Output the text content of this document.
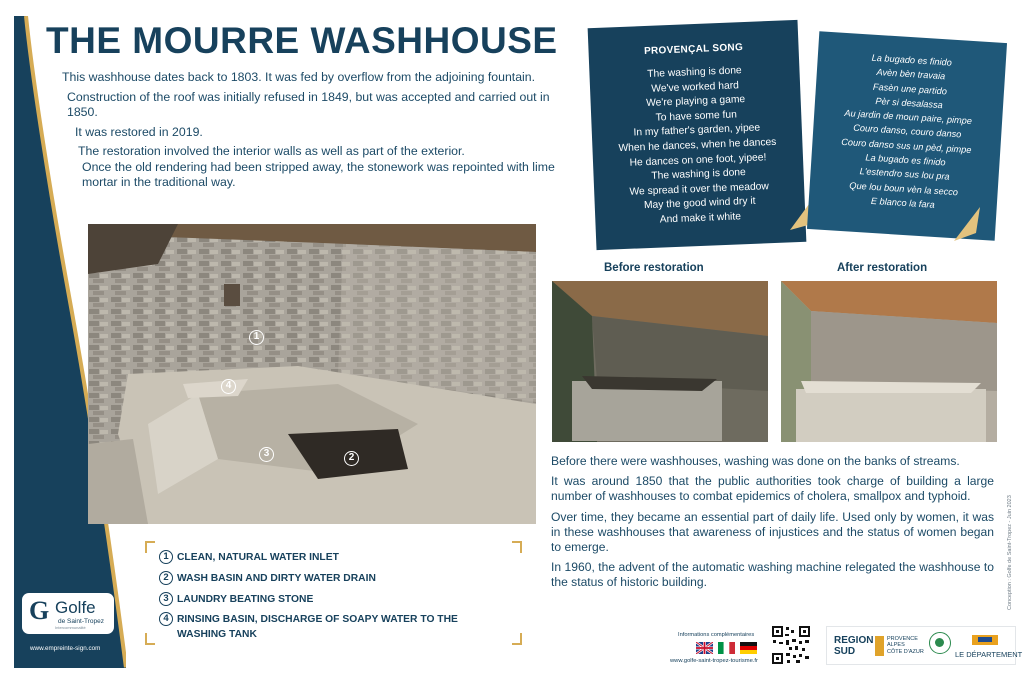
THE MOURRE WASHHOUSE

This washhouse dates back to 1803. It was fed by overflow from the adjoining fountain.

Construction of the roof was initially refused in 1849, but was accepted and carried out in 1850.

It was restored in 2019.

The restoration involved the interior walls as well as part of the exterior.

Once the old rendering had been stripped away, the stonework was repointed with lime mortar in the traditional way.

1
2
3
4
1 CLEAN, NATURAL WATER INLET
2 WASH BASIN AND DIRTY WATER DRAIN
3 LAUNDRY BEATING STONE
4 RINSING BASIN, DISCHARGE OF SOAPY WATER TO THE WASHING TANK
G Golfe
de Saint-Tropez
Intercommunalité
www.empreinte-sign.com
PROVENÇAL SONG
The washing is done
We've worked hard
We're playing a game
To have some fun
In my father's garden, yipee
When he dances, when he dances
He dances on one foot, yipee!
The washing is done
We spread it over the meadow
May the good wind dry it
And make it white
La bugado es finido
Avèn bèn travaia
Fasèn une partido
Pèr si desalassa
Au jardin de moun paire, pimpe
Couro danso, couro danso
Couro danso sus un pèd, pimpe
La bugado es finido
L'estendro sus lou pra
Que lou boun vèn la secco
E blanco la fara
Before restoration	After restoration

Before there were washhouses, washing was done on the banks of streams.

It was around 1850 that the public authorities took charge of building a large number of washhouses to combat epidemics of cholera, smallpox and typhoid.

Over time, they became an essential part of daily life. Used only by women, it was in these washhouses that awareness of injustices and the status of women began to emerge.

In 1960, the advent of the automatic washing machine relegated the washhouse to the status of historic building.	Conception : Golfe de Saint-Tropez - Juin 2023
Informations complémentaires
www.golfe-saint-tropez-tourisme.fr
REGION
SUD
PROVENCE
ALPES
CÔTE D'AZUR	LE DÉPARTEMENT
